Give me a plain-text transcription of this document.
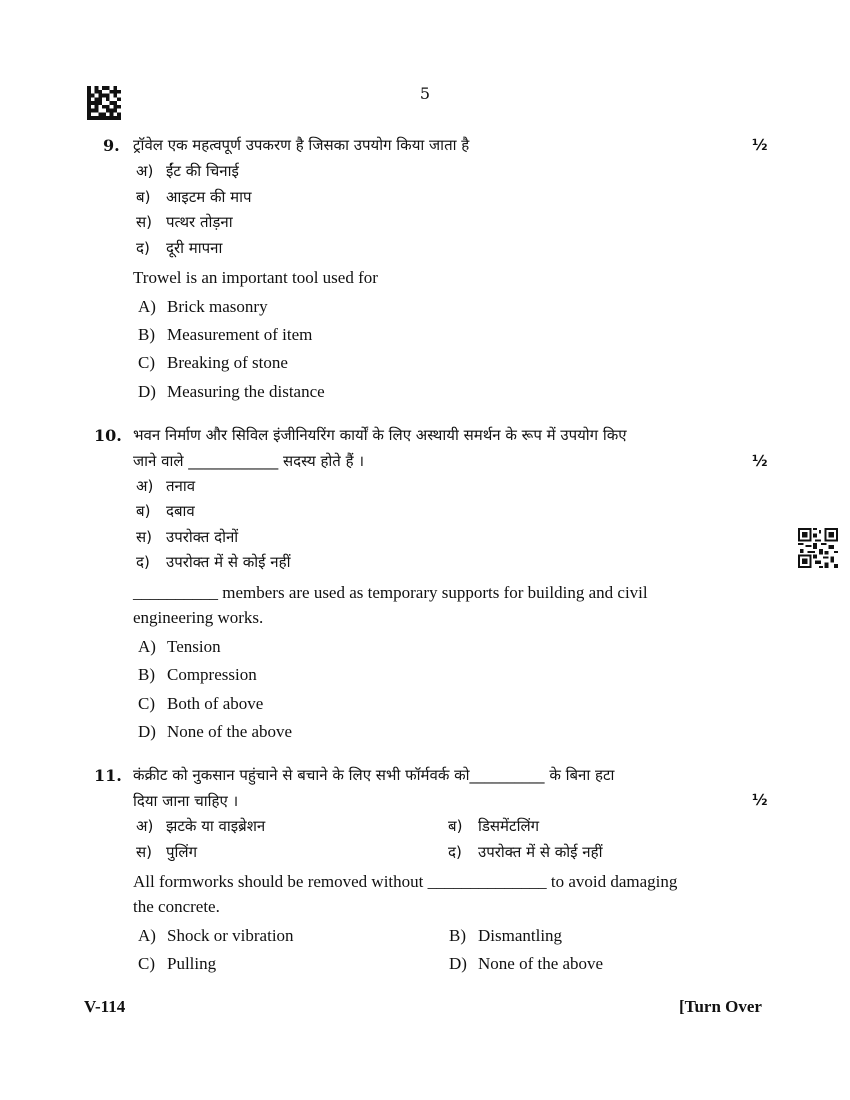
5
9. ट्रॉवेल एक महत्वपूर्ण उपकरण है जिसका उपयोग किया जाता है	½
अ) ईंट की चिनाई
ब)	आइटम की माप
स) पत्थर तोड़ना
द)	दूरी मापना
Trowel is an important tool used for
A) Brick masonry
B) Measurement of item
C) Breaking of stone
D) Measuring the distance
10. भवन निर्माण और सिविल इंजीनियरिंग कार्यों के लिए अस्थायी समर्थन के रूप में उपयोग किए
जाने वाले ____________ सदस्य होते हैं ।	½
अ) तनाव
ब)	दबाव
स) उपरोक्त दोनों
द)	उपरोक्त में से कोई नहीं
__________ members are used as temporary supports for building and civil
engineering works.
A) Tension
B) Compression
C) Both of above
D) None of the above
11. कंक्रीट को नुकसान पहुंचाने से बचाने के लिए सभी फॉर्मवर्क को__________ के बिना हटा
दिया जाना चाहिए ।	½
अ) झटके या वाइब्रेशन	ब)	डिसमेंटलिंग
स) पुलिंग	द)	उपरोक्त में से कोई नहीं
All formworks should be removed without ______________ to avoid damaging
the concrete.
A) Shock or vibration	B) Dismantling
C) Pulling	D) None of the above
V-114	[Turn Over
